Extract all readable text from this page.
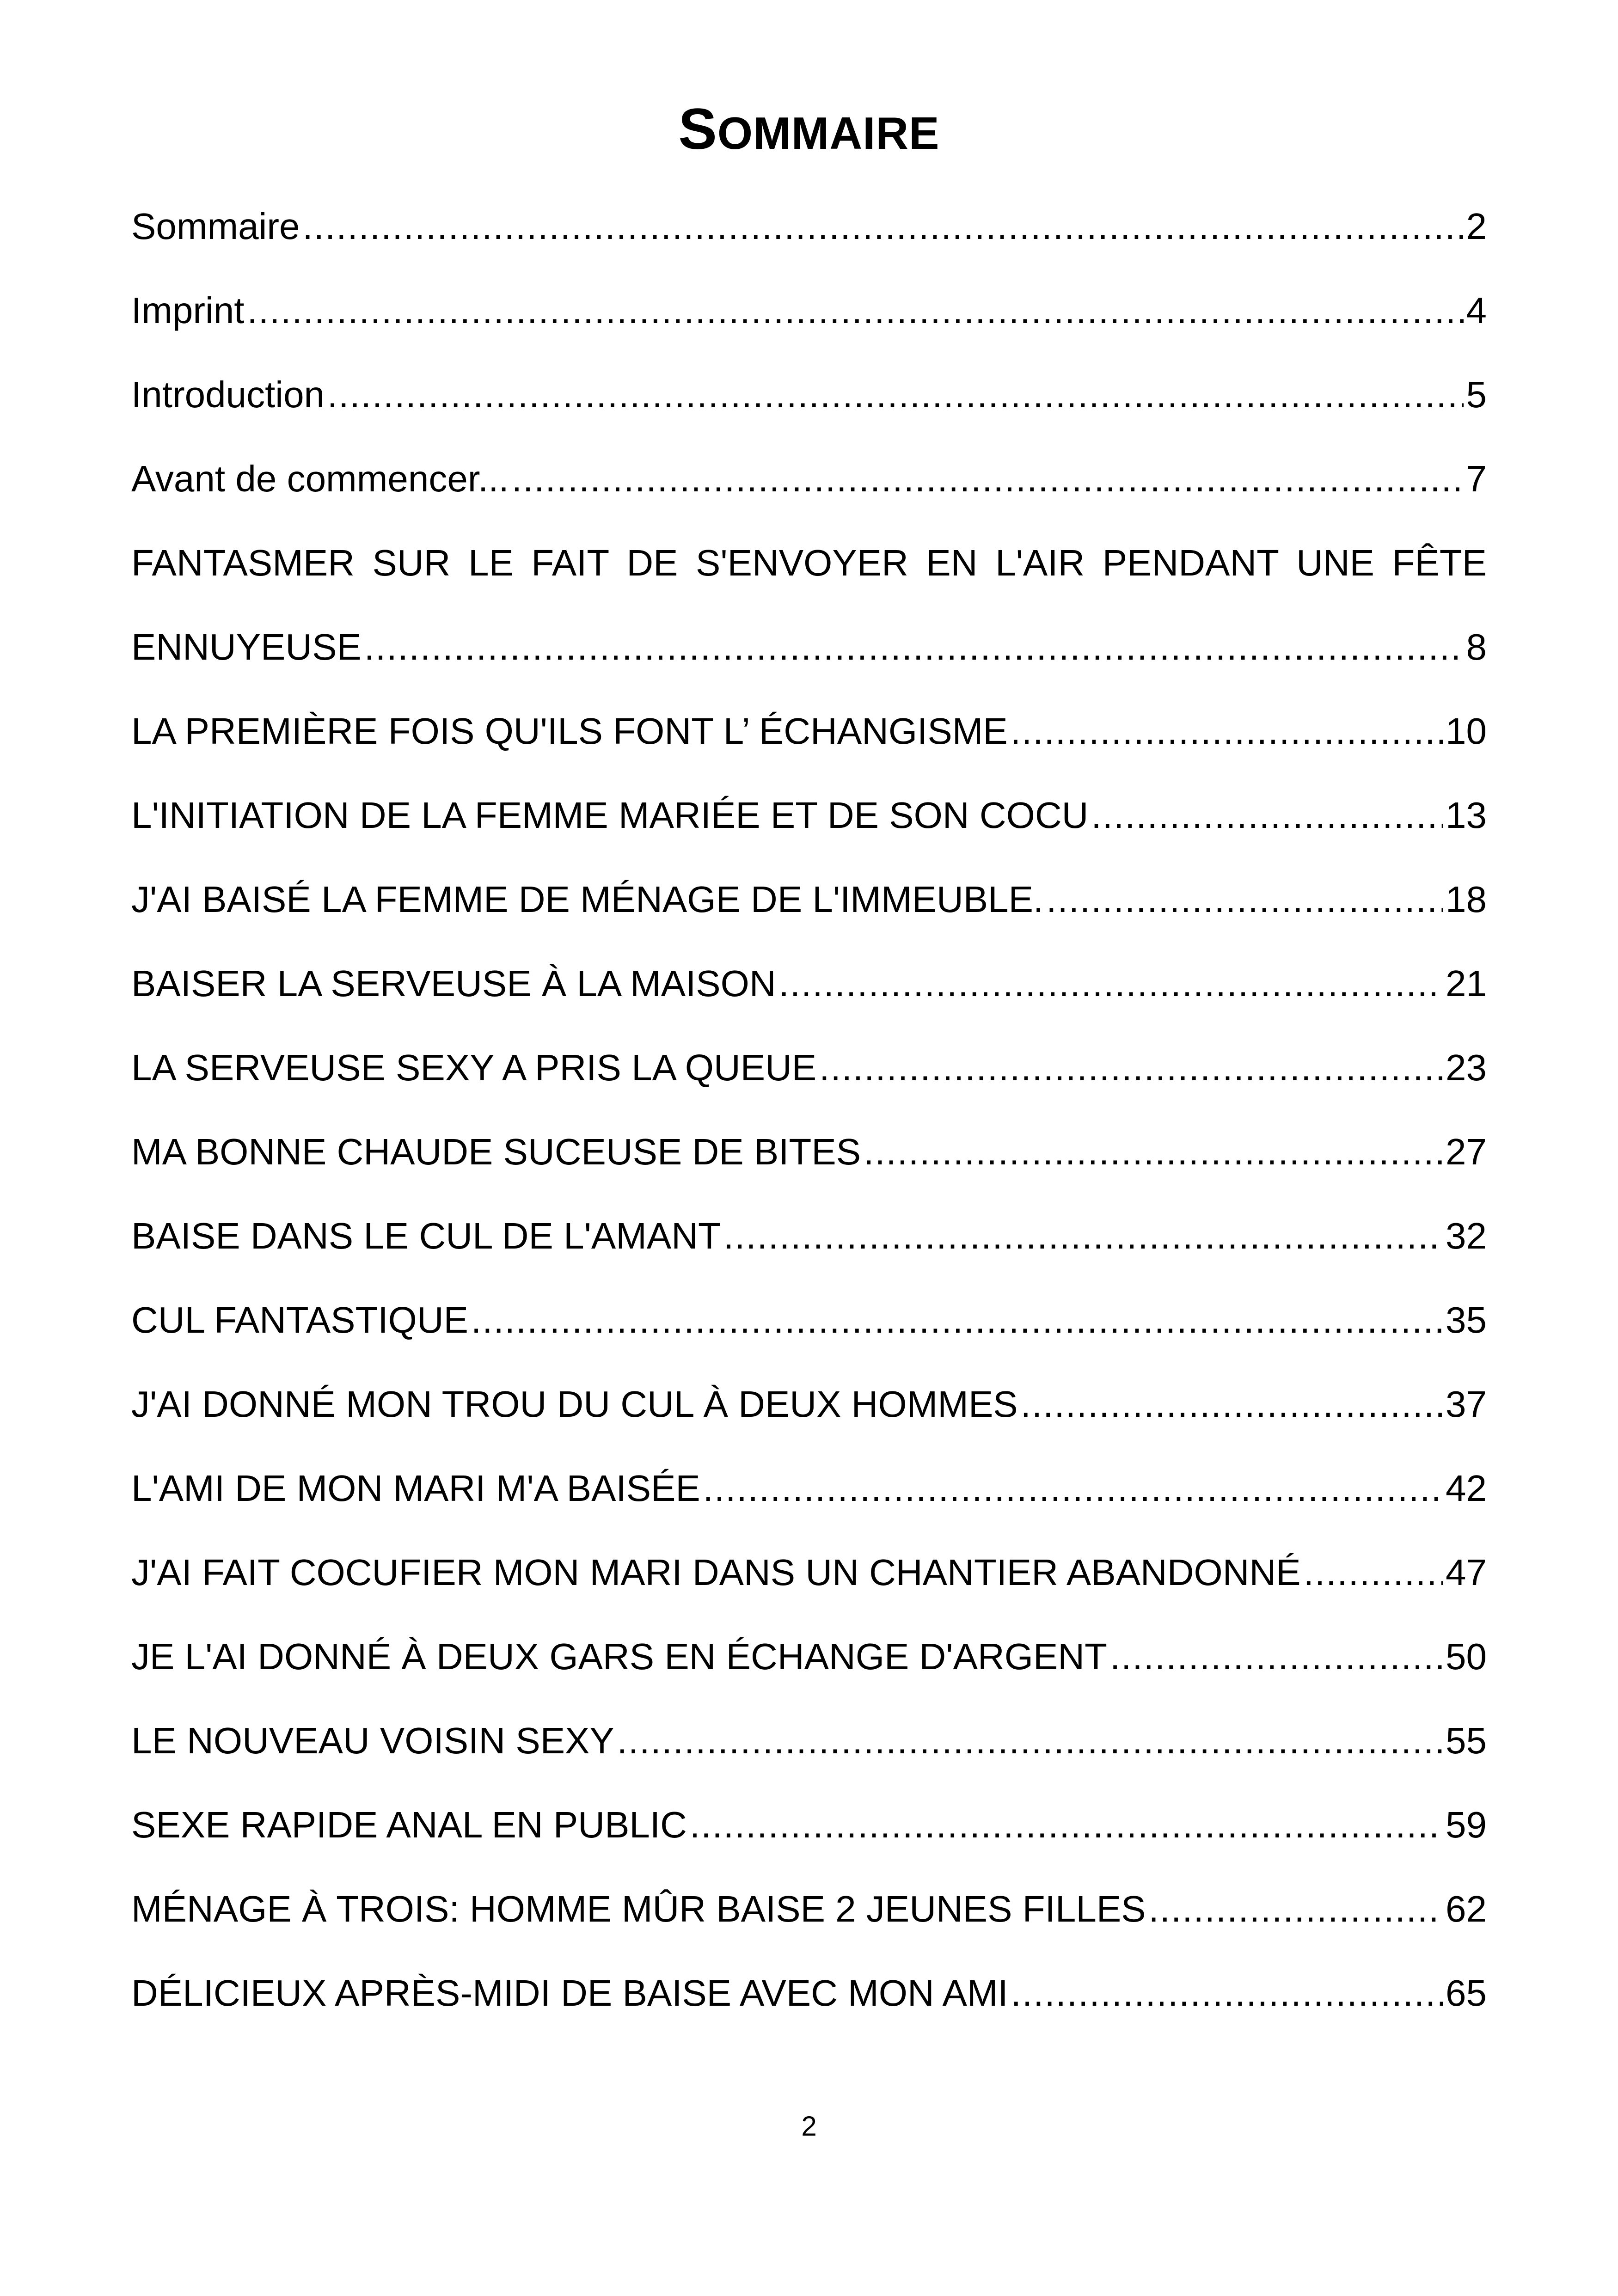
SOMMAIRE
Sommaire .....	2
Imprint .....	4
Introduction .....	5
Avant de commencer... .....	7
FANTASMER SUR LE FAIT DE S'ENVOYER EN L'AIR PENDANT UNE FÊTE
ENNUYEUSE .....	8
LA PREMIÈRE FOIS QU'ILS FONT L’ ÉCHANGISME .....	10
L'INITIATION DE LA FEMME MARIÉE ET DE SON COCU .....	13
J'AI BAISÉ LA FEMME DE MÉNAGE DE L'IMMEUBLE. .....	18
BAISER LA SERVEUSE À LA MAISON .....	21
LA SERVEUSE SEXY A PRIS LA QUEUE .....	23
MA BONNE CHAUDE SUCEUSE DE BITES .....	27
BAISE DANS LE CUL DE L'AMANT .....	32
CUL FANTASTIQUE .....	35
J'AI DONNÉ MON TROU DU CUL À DEUX HOMMES .....	37
L'AMI DE MON MARI M'A BAISÉE .....	42
J'AI FAIT COCUFIER MON MARI DANS UN CHANTIER ABANDONNÉ .....	47
JE L'AI DONNÉ À DEUX GARS EN ÉCHANGE D'ARGENT .....	50
LE NOUVEAU VOISIN SEXY .....	55
SEXE RAPIDE ANAL EN PUBLIC .....	59
MÉNAGE À TROIS: HOMME MÛR BAISE 2 JEUNES FILLES .....	62
DÉLICIEUX APRÈS-MIDI DE BAISE AVEC MON AMI .....	65
2
